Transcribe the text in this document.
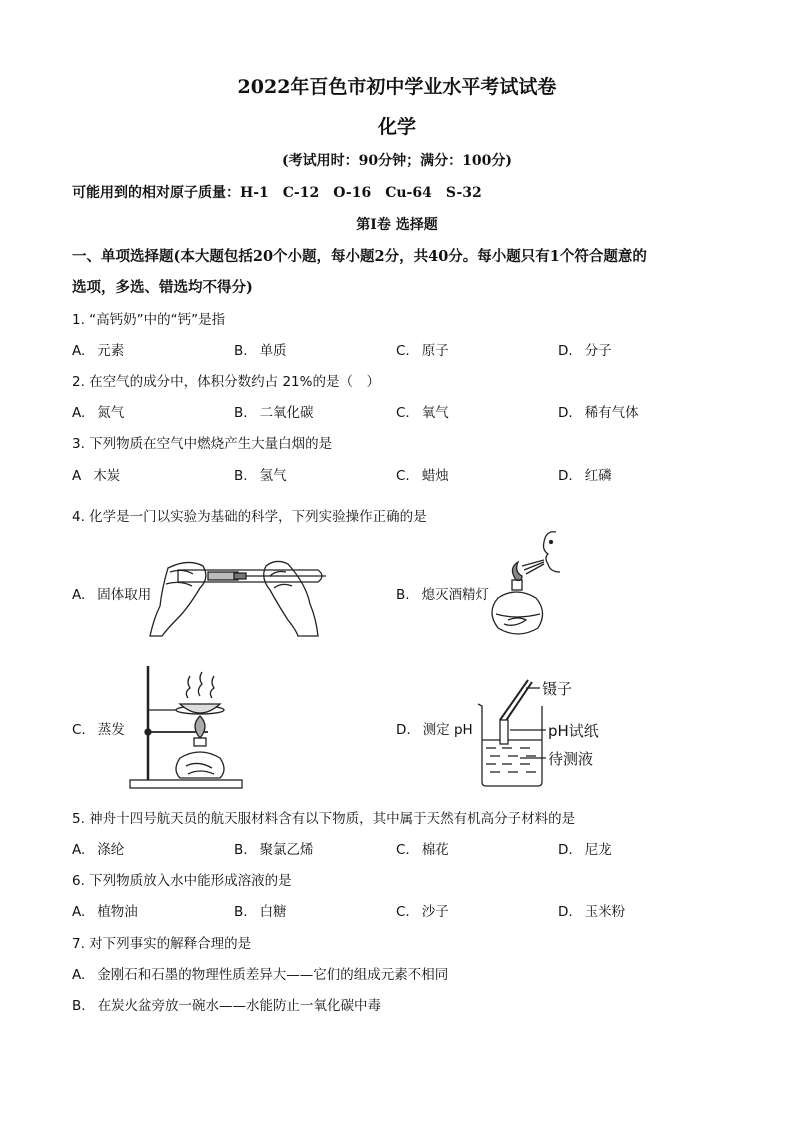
2022年百色市初中学业水平考试试卷
化学
(考试用时：90分钟；满分：100分)
可能用到的相对原子质量：H-1　C-12　O-16　Cu-64　S-32
第Ⅰ卷 选择题
一、单项选择题(本大题包括20个小题，每小题2分，共40分。每小题只有1个符合题意的
选项，多选、错选均不得分)
1. “高钙奶”中的“钙”是指
A. 元素	B. 单质	C. 原子	D. 分子
2. 在空气的成分中，体积分数约占 21%的是（　）
A. 氮气	B. 二氧化碳	C. 氧气	D. 稀有气体
3. 下列物质在空气中燃烧产生大量白烟的是
A 木炭	B. 氢气	C. 蜡烛	D. 红磷
4. 化学是一门以实验为基础的科学，下列实验操作正确的是
A. 固体取用	B. 熄灭酒精灯
C. 蒸发	D. 测定 pH
镊子
pH试纸
待测液
5. 神舟十四号航天员的航天服材料含有以下物质，其中属于天然有机高分子材料的是
A. 涤纶	B. 聚氯乙烯	C. 棉花	D. 尼龙
6. 下列物质放入水中能形成溶液的是
A. 植物油	B. 白糖	C. 沙子	D. 玉米粉
7. 对下列事实的解释合理的是
A. 金刚石和石墨的物理性质差异大——它们的组成元素不相同
B. 在炭火盆旁放一碗水——水能防止一氧化碳中毒
